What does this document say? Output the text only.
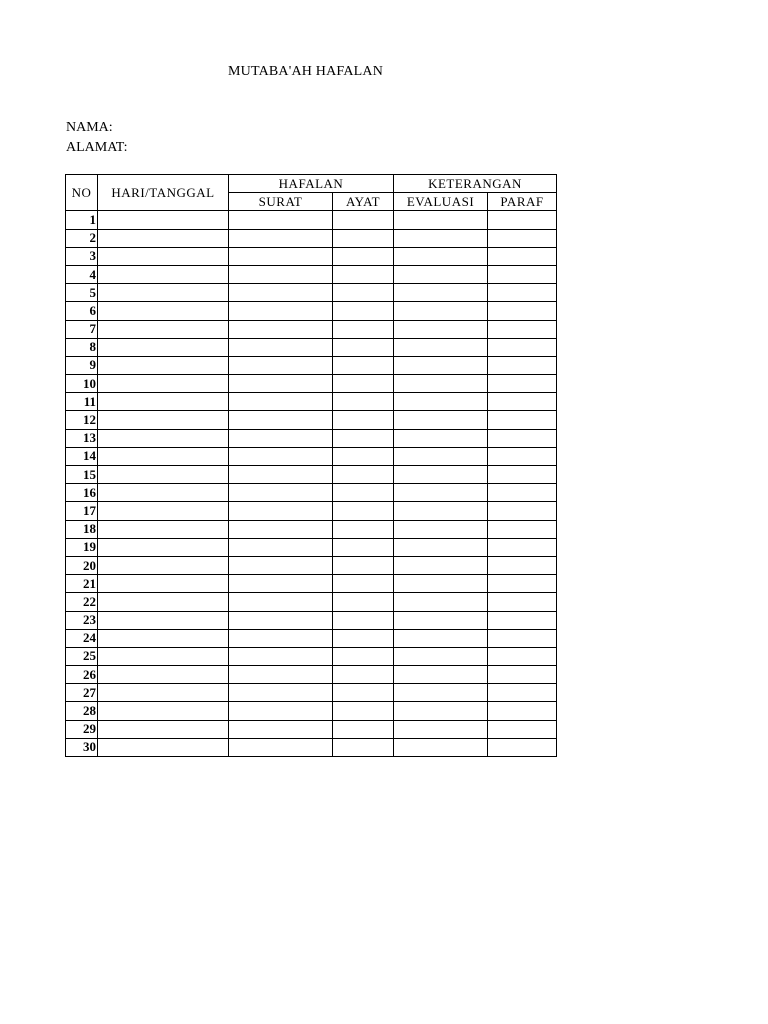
MUTABA'AH HAFALAN
NAMA:
ALAMAT:
NO	HARI/TANGGAL	HAFALAN		KETERANGAN	
		SURAT	AYAT	EVALUASI	PARAF
1					
2					
3					
4					
5					
6					
7					
8					
9					
10					
11					
12					
13					
14					
15					
16					
17					
18					
19					
20					
21					
22					
23					
24					
25					
26					
27					
28					
29					
30					
